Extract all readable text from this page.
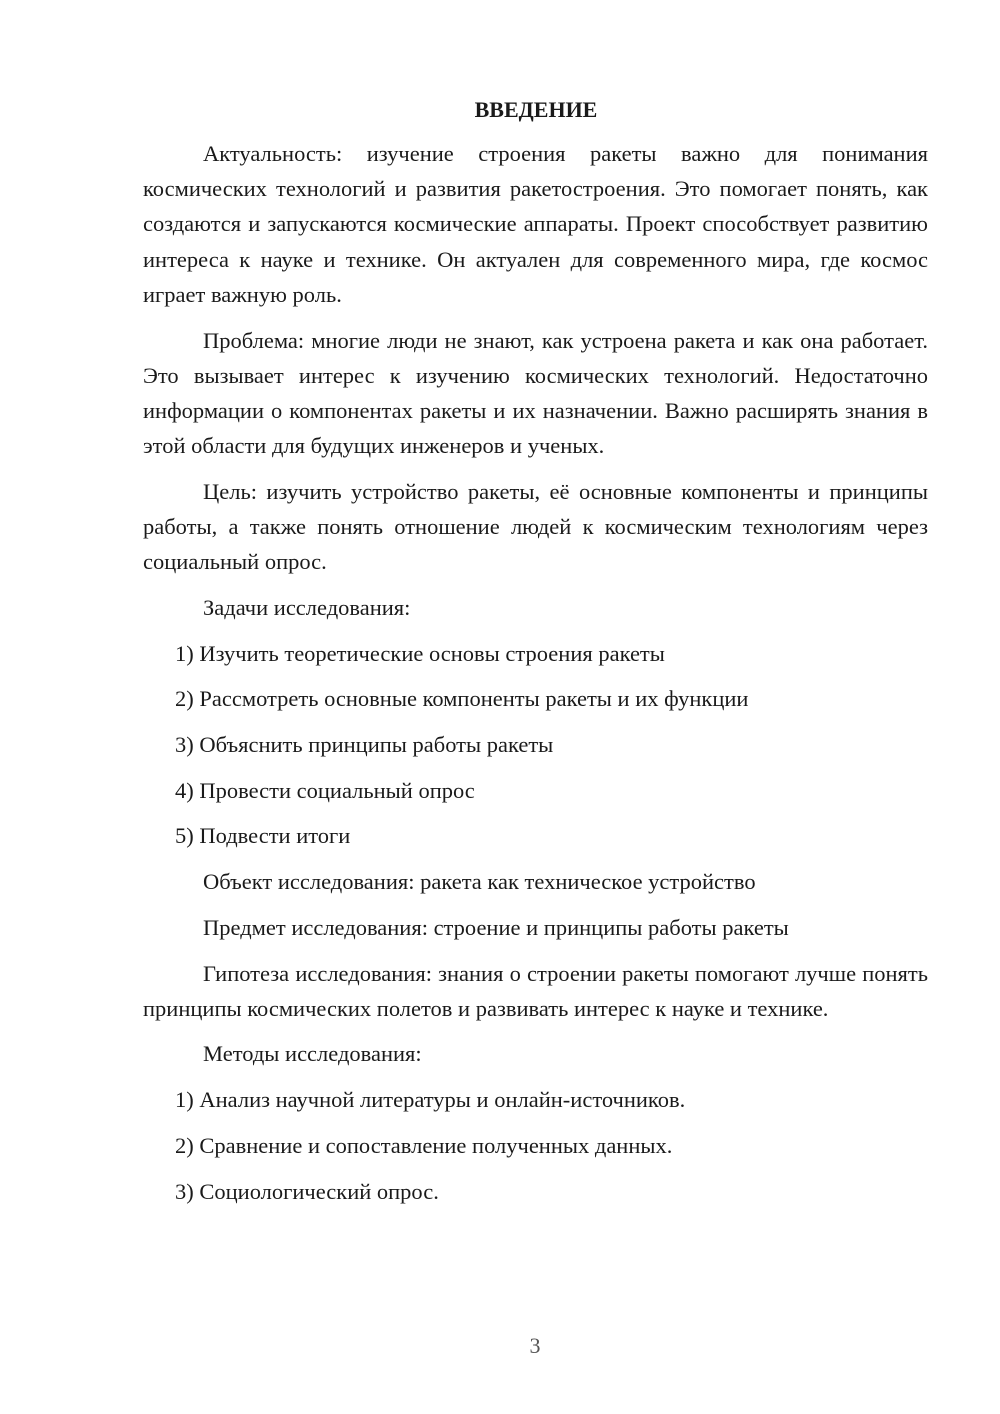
ВВЕДЕНИЕ

Актуальность: изучение строения ракеты важно для понимания космических технологий и развития ракетостроения. Это помогает понять, как создаются и запускаются космические аппараты. Проект способствует развитию интереса к науке и технике. Он актуален для современного мира, где космос играет важную роль.

Проблема: многие люди не знают, как устроена ракета и как она работает. Это вызывает интерес к изучению космических технологий. Недостаточно информации о компонентах ракеты и их назначении. Важно расширять знания в этой области для будущих инженеров и ученых.

Цель: изучить устройство ракеты, её основные компоненты и принципы работы, а также понять отношение людей к космическим технологиям через социальный опрос.

Задачи исследования:

1) Изучить теоретические основы строения ракеты

2) Рассмотреть основные компоненты ракеты и их функции

3) Объяснить принципы работы ракеты

4) Провести социальный опрос

5) Подвести итоги

Объект исследования: ракета как техническое устройство

Предмет исследования: строение и принципы работы ракеты

Гипотеза исследования: знания о строении ракеты помогают лучше понять принципы космических полетов и развивать интерес к науке и технике.

Методы исследования:

1) Анализ научной литературы и онлайн-источников.

2) Сравнение и сопоставление полученных данных.

3) Социологический опрос.

3
